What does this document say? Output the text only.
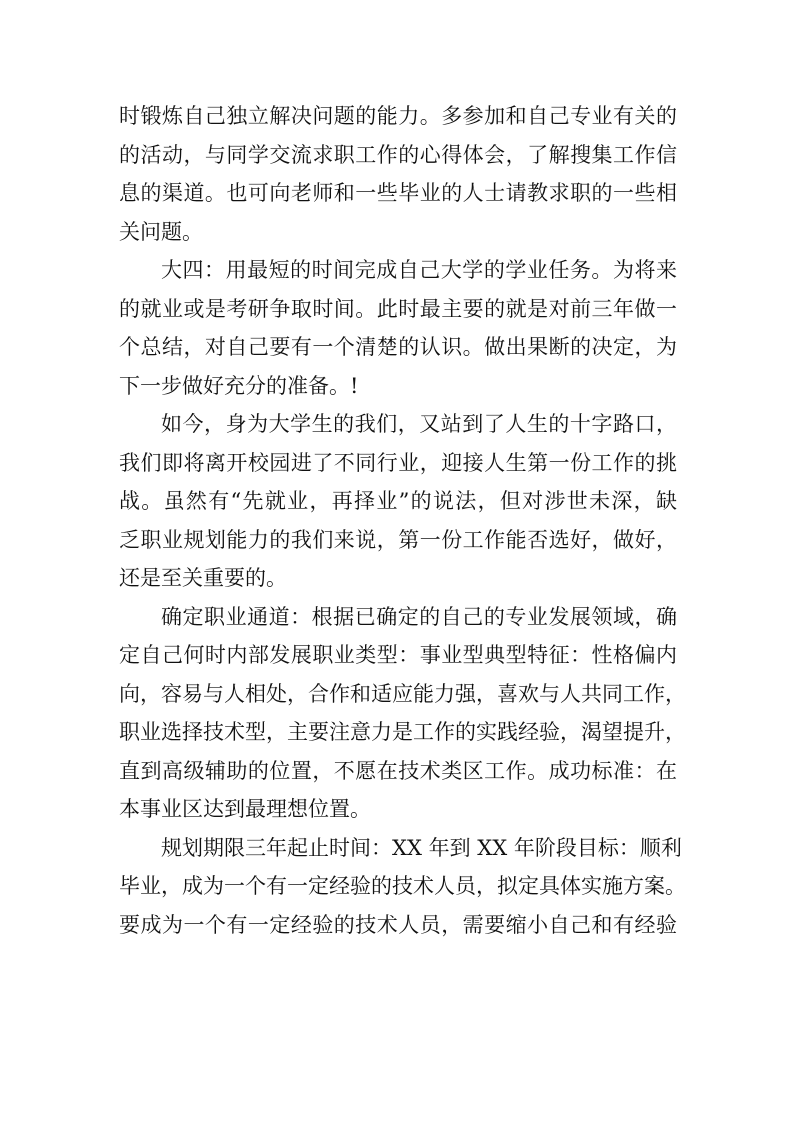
时锻炼自己独立解决问题的能力。多参加和自己专业有关的
的活动，与同学交流求职工作的心得体会，了解搜集工作信
息的渠道。也可向老师和一些毕业的人士请教求职的一些相
关问题。
大四：用最短的时间完成自己大学的学业任务。为将来
的就业或是考研争取时间。此时最主要的就是对前三年做一
个总结，对自己要有一个清楚的认识。做出果断的决定，为
下一步做好充分的准备。!
如今，身为大学生的我们，又站到了人生的十字路口，
我们即将离开校园进了不同行业，迎接人生第一份工作的挑
战。虽然有“先就业，再择业”的说法，但对涉世未深，缺
乏职业规划能力的我们来说，第一份工作能否选好，做好，
还是至关重要的。
确定职业通道：根据已确定的自己的专业发展领域，确
定自己何时内部发展职业类型：事业型典型特征：性格偏内
向，容易与人相处，合作和适应能力强，喜欢与人共同工作，
职业选择技术型，主要注意力是工作的实践经验，渴望提升，
直到高级辅助的位置，不愿在技术类区工作。成功标准：在
本事业区达到最理想位置。
规划期限三年起止时间：XX 年到 XX 年阶段目标：顺利
毕业，成为一个有一定经验的技术人员，拟定具体实施方案。
要成为一个有一定经验的技术人员，需要缩小自己和有经验
